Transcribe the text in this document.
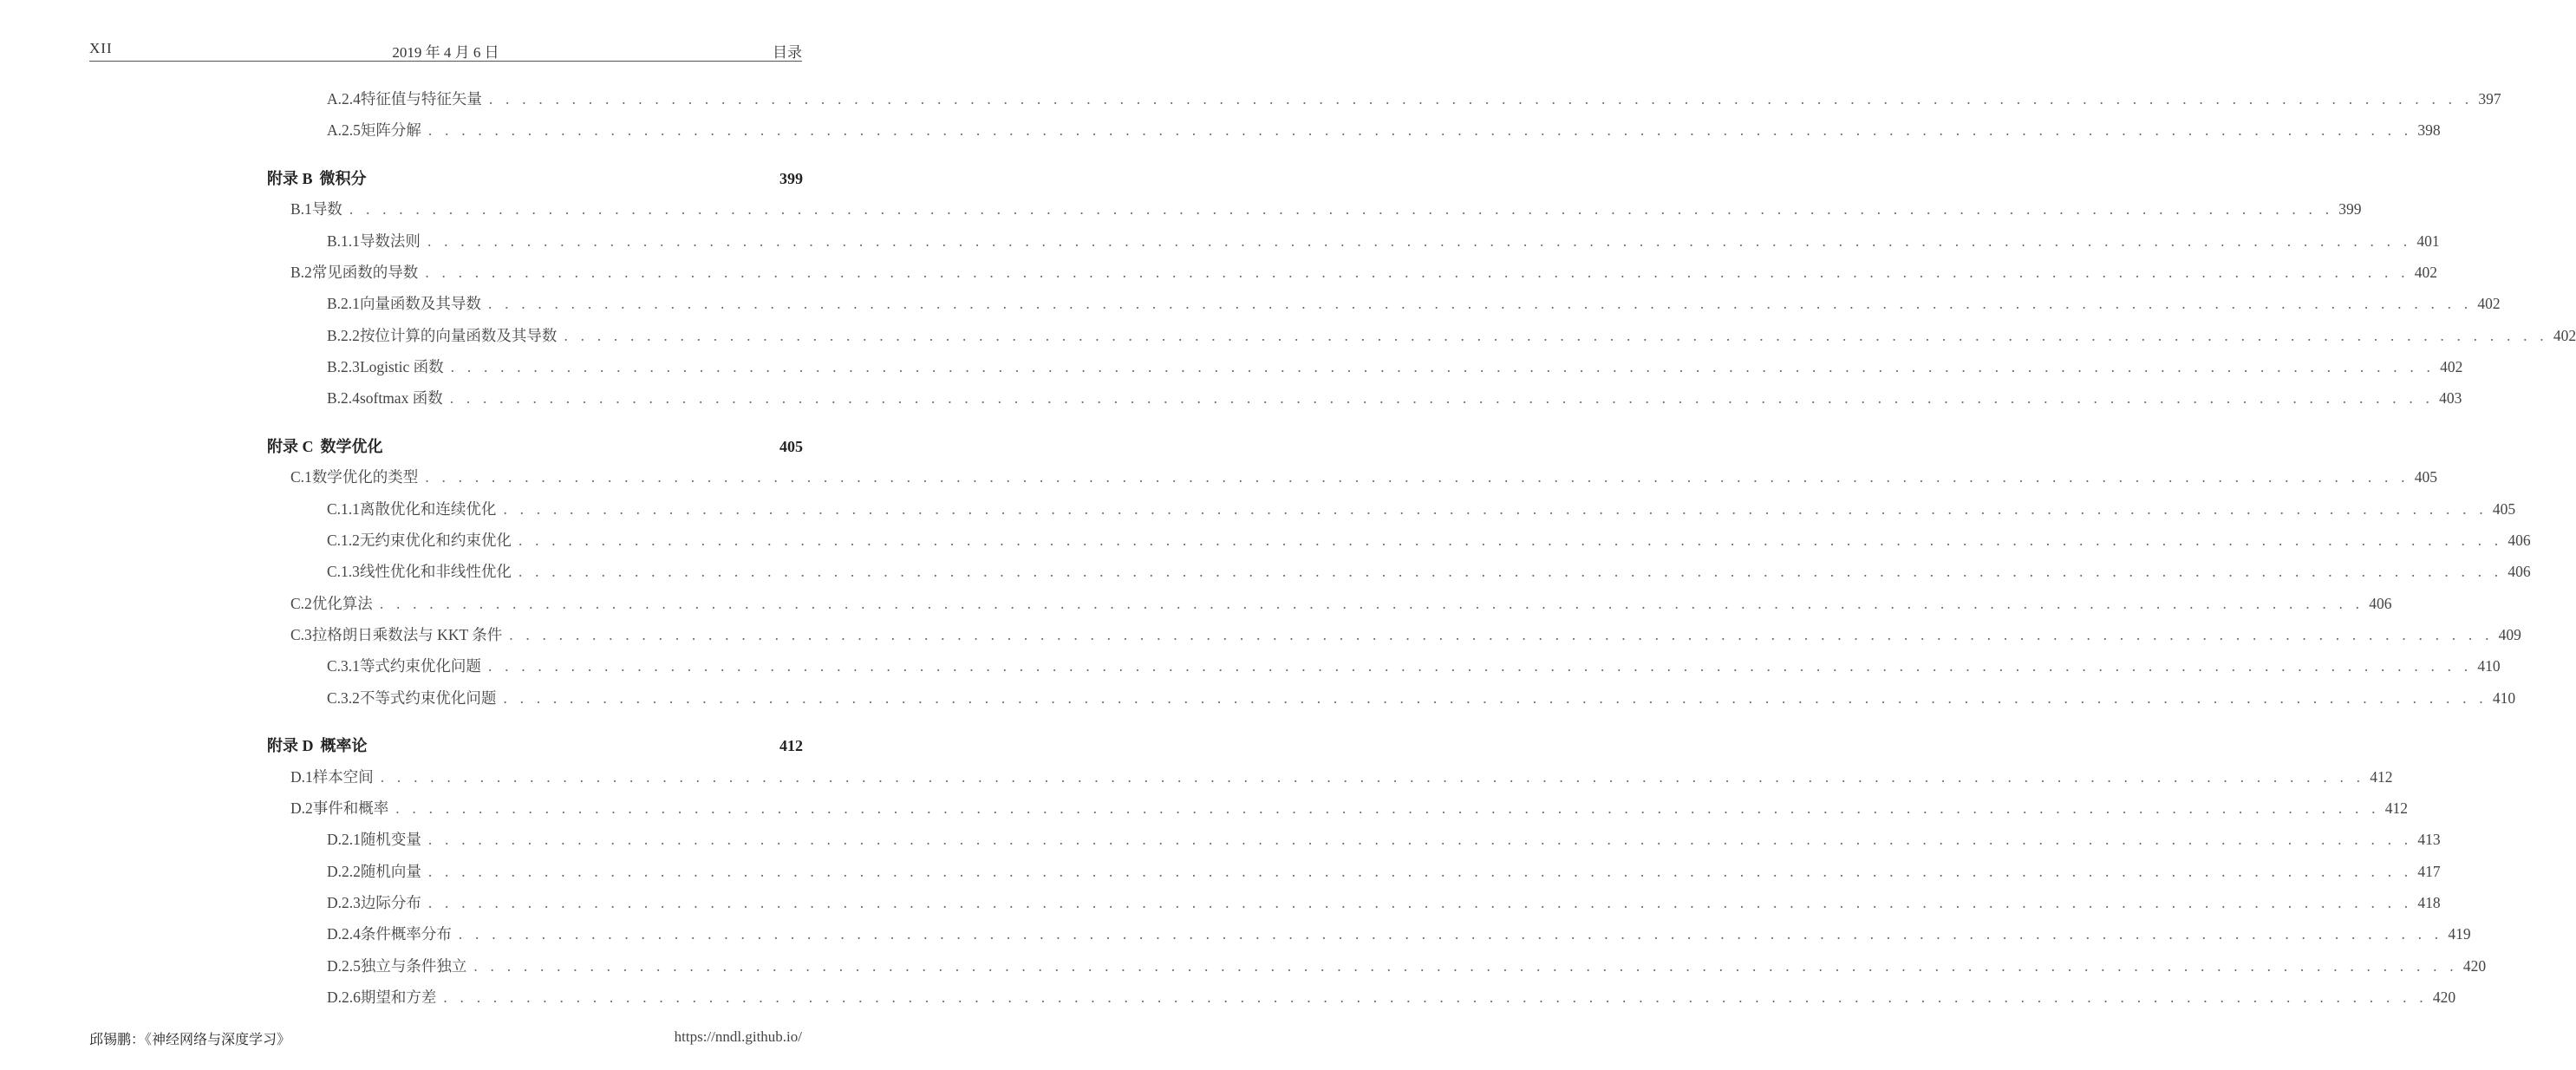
XII	2019 年 4 月 6 日	目录
A.2.4 特征值与特征矢量 . . . . . . . . . . . . . . . . . . . . . . . . . . . . . . . . . . . . . . . . . . . . . . . . . . . . . . . . . . . . . . . . . . . . . . . . . . . . . . . . . . . . . . . . . . . . . . . . . . . . . . . . . . . . . . . . . . . . . . . . 397
A.2.5 矩阵分解 . . . . . . . . . . . . . . . . . . . . . . . . . . . . . . . . . . . . . . . . . . . . . . . . . . . . . . . . . . . . . . . . . . . . . . . . . . . . . . . . . . . . . . . . . . . . . . . . . . . . . . . . . . . . . . . . . . . . . . . . 398
附录 B 微积分	399
B.1 导数 . . . . . . . . . . . . . . . . . . . . . . . . . . . . . . . . . . . . . . . . . . . . . . . . . . . . . . . . . . . . . . . . . . . . . . . . . . . . . . . . . . . . . . . . . . . . . . . . . . . . . . . . . . . . . . . . . . . . . . . . 399
B.1.1 导数法则 . . . . . . . . . . . . . . . . . . . . . . . . . . . . . . . . . . . . . . . . . . . . . . . . . . . . . . . . . . . . . . . . . . . . . . . . . . . . . . . . . . . . . . . . . . . . . . . . . . . . . . . . . . . . . . . . . . . . . . . . 401
B.2 常见函数的导数 . . . . . . . . . . . . . . . . . . . . . . . . . . . . . . . . . . . . . . . . . . . . . . . . . . . . . . . . . . . . . . . . . . . . . . . . . . . . . . . . . . . . . . . . . . . . . . . . . . . . . . . . . . . . . . . . . . . . . . . . 402
B.2.1 向量函数及其导数 . . . . . . . . . . . . . . . . . . . . . . . . . . . . . . . . . . . . . . . . . . . . . . . . . . . . . . . . . . . . . . . . . . . . . . . . . . . . . . . . . . . . . . . . . . . . . . . . . . . . . . . . . . . . . . . . . . . . . . . . 402
B.2.2 按位计算的向量函数及其导数 . . . . . . . . . . . . . . . . . . . . . . . . . . . . . . . . . . . . . . . . . . . . . . . . . . . . . . . . . . . . . . . . . . . . . . . . . . . . . . . . . . . . . . . . . . . . . . . . . . . . . . . . . . . . . . . . . . . . . . . . 402
B.2.3 Logistic 函数 . . . . . . . . . . . . . . . . . . . . . . . . . . . . . . . . . . . . . . . . . . . . . . . . . . . . . . . . . . . . . . . . . . . . . . . . . . . . . . . . . . . . . . . . . . . . . . . . . . . . . . . . . . . . . . . . . . . . . . . . 402
B.2.4 softmax 函数 . . . . . . . . . . . . . . . . . . . . . . . . . . . . . . . . . . . . . . . . . . . . . . . . . . . . . . . . . . . . . . . . . . . . . . . . . . . . . . . . . . . . . . . . . . . . . . . . . . . . . . . . . . . . . . . . . . . . . . . . 403
附录 C 数学优化	405
C.1 数学优化的类型 . . . . . . . . . . . . . . . . . . . . . . . . . . . . . . . . . . . . . . . . . . . . . . . . . . . . . . . . . . . . . . . . . . . . . . . . . . . . . . . . . . . . . . . . . . . . . . . . . . . . . . . . . . . . . . . . . . . . . . . . 405
C.1.1 离散优化和连续优化 . . . . . . . . . . . . . . . . . . . . . . . . . . . . . . . . . . . . . . . . . . . . . . . . . . . . . . . . . . . . . . . . . . . . . . . . . . . . . . . . . . . . . . . . . . . . . . . . . . . . . . . . . . . . . . . . . . . . . . . . 405
C.1.2 无约束优化和约束优化 . . . . . . . . . . . . . . . . . . . . . . . . . . . . . . . . . . . . . . . . . . . . . . . . . . . . . . . . . . . . . . . . . . . . . . . . . . . . . . . . . . . . . . . . . . . . . . . . . . . . . . . . . . . . . . . . . . . . . . . . 406
C.1.3 线性优化和非线性优化 . . . . . . . . . . . . . . . . . . . . . . . . . . . . . . . . . . . . . . . . . . . . . . . . . . . . . . . . . . . . . . . . . . . . . . . . . . . . . . . . . . . . . . . . . . . . . . . . . . . . . . . . . . . . . . . . . . . . . . . . 406
C.2 优化算法 . . . . . . . . . . . . . . . . . . . . . . . . . . . . . . . . . . . . . . . . . . . . . . . . . . . . . . . . . . . . . . . . . . . . . . . . . . . . . . . . . . . . . . . . . . . . . . . . . . . . . . . . . . . . . . . . . . . . . . . . 406
C.3 拉格朗日乘数法与 KKT 条件 . . . . . . . . . . . . . . . . . . . . . . . . . . . . . . . . . . . . . . . . . . . . . . . . . . . . . . . . . . . . . . . . . . . . . . . . . . . . . . . . . . . . . . . . . . . . . . . . . . . . . . . . . . . . . . . . . . . . . . . . 409
C.3.1 等式约束优化问题 . . . . . . . . . . . . . . . . . . . . . . . . . . . . . . . . . . . . . . . . . . . . . . . . . . . . . . . . . . . . . . . . . . . . . . . . . . . . . . . . . . . . . . . . . . . . . . . . . . . . . . . . . . . . . . . . . . . . . . . . 410
C.3.2 不等式约束优化问题 . . . . . . . . . . . . . . . . . . . . . . . . . . . . . . . . . . . . . . . . . . . . . . . . . . . . . . . . . . . . . . . . . . . . . . . . . . . . . . . . . . . . . . . . . . . . . . . . . . . . . . . . . . . . . . . . . . . . . . . . 410
附录 D 概率论	412
D.1 样本空间 . . . . . . . . . . . . . . . . . . . . . . . . . . . . . . . . . . . . . . . . . . . . . . . . . . . . . . . . . . . . . . . . . . . . . . . . . . . . . . . . . . . . . . . . . . . . . . . . . . . . . . . . . . . . . . . . . . . . . . . . 412
D.2 事件和概率 . . . . . . . . . . . . . . . . . . . . . . . . . . . . . . . . . . . . . . . . . . . . . . . . . . . . . . . . . . . . . . . . . . . . . . . . . . . . . . . . . . . . . . . . . . . . . . . . . . . . . . . . . . . . . . . . . . . . . . . . 412
D.2.1 随机变量 . . . . . . . . . . . . . . . . . . . . . . . . . . . . . . . . . . . . . . . . . . . . . . . . . . . . . . . . . . . . . . . . . . . . . . . . . . . . . . . . . . . . . . . . . . . . . . . . . . . . . . . . . . . . . . . . . . . . . . . . 413
D.2.2 随机向量 . . . . . . . . . . . . . . . . . . . . . . . . . . . . . . . . . . . . . . . . . . . . . . . . . . . . . . . . . . . . . . . . . . . . . . . . . . . . . . . . . . . . . . . . . . . . . . . . . . . . . . . . . . . . . . . . . . . . . . . . 417
D.2.3 边际分布 . . . . . . . . . . . . . . . . . . . . . . . . . . . . . . . . . . . . . . . . . . . . . . . . . . . . . . . . . . . . . . . . . . . . . . . . . . . . . . . . . . . . . . . . . . . . . . . . . . . . . . . . . . . . . . . . . . . . . . . . 418
D.2.4 条件概率分布 . . . . . . . . . . . . . . . . . . . . . . . . . . . . . . . . . . . . . . . . . . . . . . . . . . . . . . . . . . . . . . . . . . . . . . . . . . . . . . . . . . . . . . . . . . . . . . . . . . . . . . . . . . . . . . . . . . . . . . . . 419
D.2.5 独立与条件独立 . . . . . . . . . . . . . . . . . . . . . . . . . . . . . . . . . . . . . . . . . . . . . . . . . . . . . . . . . . . . . . . . . . . . . . . . . . . . . . . . . . . . . . . . . . . . . . . . . . . . . . . . . . . . . . . . . . . . . . . . 420
D.2.6 期望和方差 . . . . . . . . . . . . . . . . . . . . . . . . . . . . . . . . . . . . . . . . . . . . . . . . . . . . . . . . . . . . . . . . . . . . . . . . . . . . . . . . . . . . . . . . . . . . . . . . . . . . . . . . . . . . . . . . . . . . . . . . 420
邱锡鹏：《神经网络与深度学习》	https://nndl.github.io/
